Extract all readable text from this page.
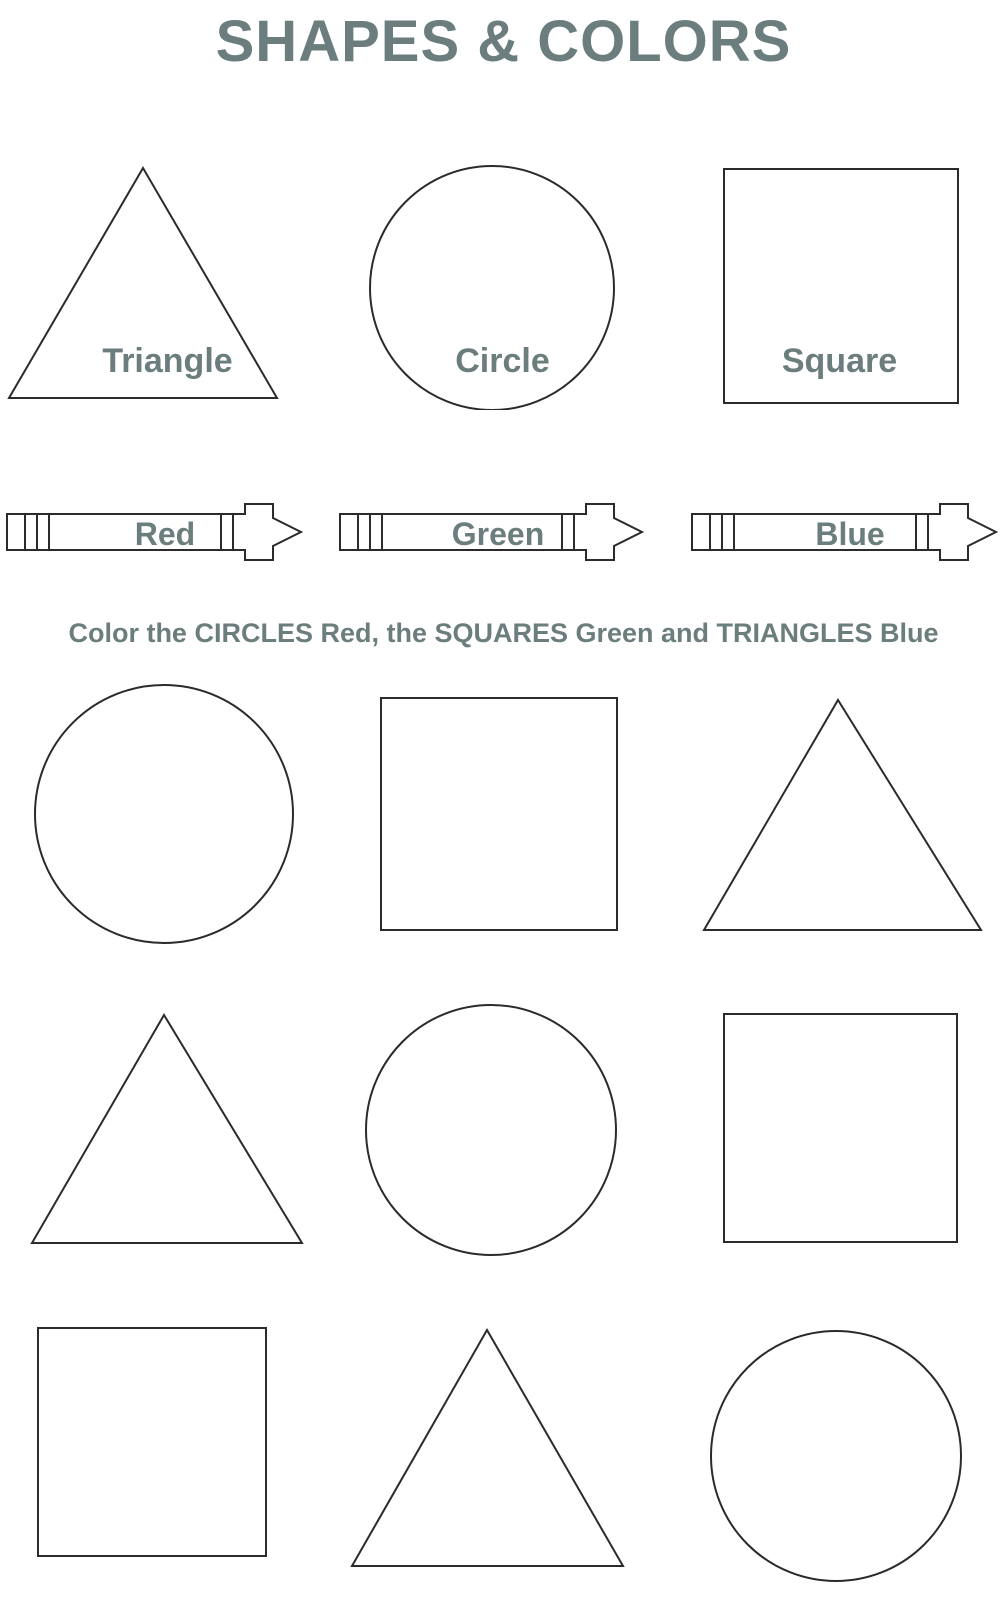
SHAPES & COLORS
Triangle	Circle	Square
Red	Green	Blue
Color the CIRCLES Red, the SQUARES Green and TRIANGLES Blue
